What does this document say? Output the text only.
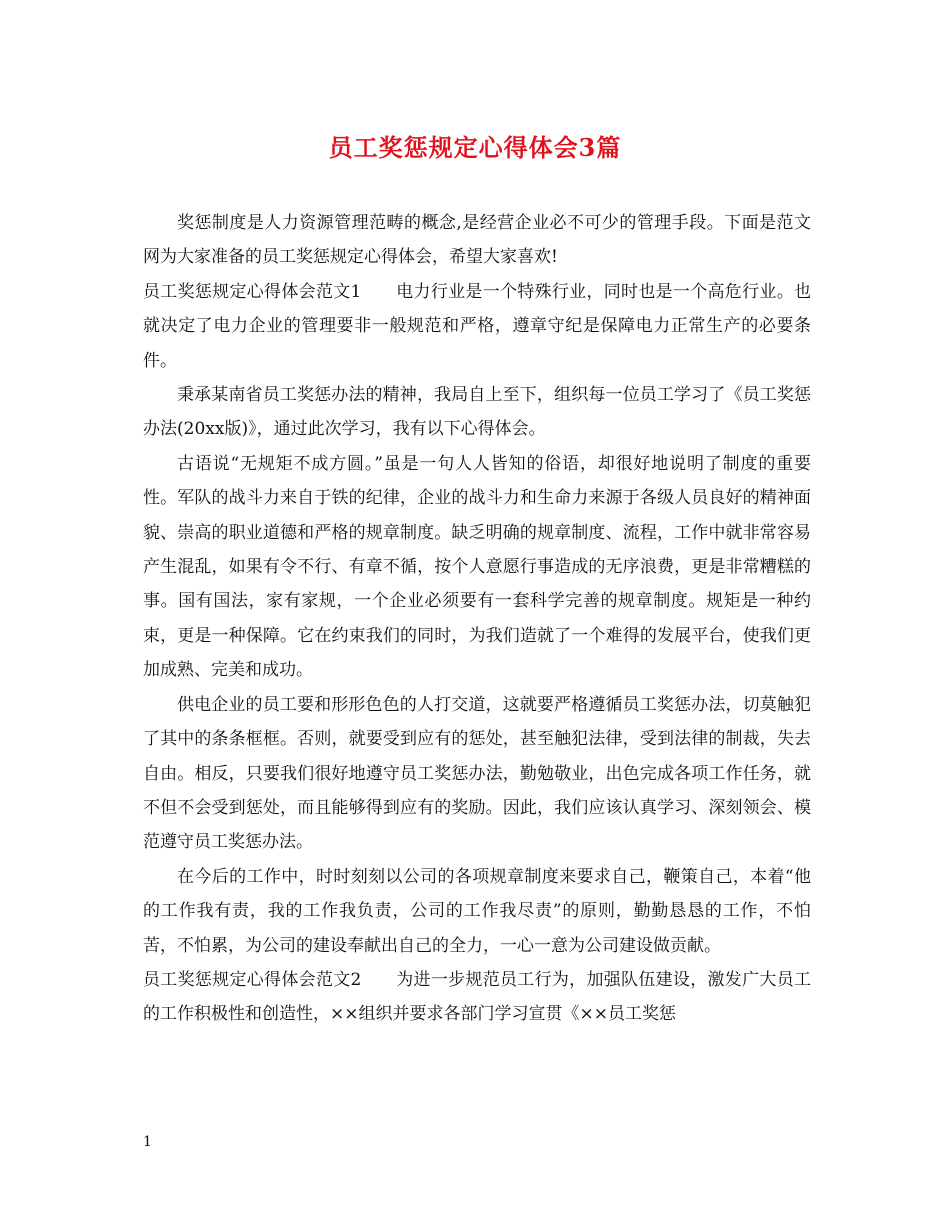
员工奖惩规定心得体会3篇

奖惩制度是人力资源管理范畴的概念,是经营企业必不可少的管理手段。下面是范文网为大家准备的员工奖惩规定心得体会，希望大家喜欢!

员工奖惩规定心得体会范文1　　电力行业是一个特殊行业，同时也是一个高危行业。也就决定了电力企业的管理要非一般规范和严格，遵章守纪是保障电力正常生产的必要条件。

秉承某南省员工奖惩办法的精神，我局自上至下，组织每一位员工学习了《员工奖惩办法(20xx版)》，通过此次学习，我有以下心得体会。

古语说“无规矩不成方圆。”虽是一句人人皆知的俗语，却很好地说明了制度的重要性。军队的战斗力来自于铁的纪律，企业的战斗力和生命力来源于各级人员良好的精神面貌、崇高的职业道德和严格的规章制度。缺乏明确的规章制度、流程，工作中就非常容易产生混乱，如果有令不行、有章不循，按个人意愿行事造成的无序浪费，更是非常糟糕的事。国有国法，家有家规，一个企业必须要有一套科学完善的规章制度。规矩是一种约束，更是一种保障。它在约束我们的同时，为我们造就了一个难得的发展平台，使我们更加成熟、完美和成功。

供电企业的员工要和形形色色的人打交道，这就要严格遵循员工奖惩办法，切莫触犯了其中的条条框框。否则，就要受到应有的惩处，甚至触犯法律，受到法律的制裁，失去自由。相反，只要我们很好地遵守员工奖惩办法，勤勉敬业，出色完成各项工作任务，就不但不会受到惩处，而且能够得到应有的奖励。因此，我们应该认真学习、深刻领会、模范遵守员工奖惩办法。

在今后的工作中，时时刻刻以公司的各项规章制度来要求自己，鞭策自己，本着“他的工作我有责，我的工作我负责，公司的工作我尽责”的原则，勤勤恳恳的工作，不怕苦，不怕累，为公司的建设奉献出自己的全力，一心一意为公司建设做贡献。

员工奖惩规定心得体会范文2　　为进一步规范员工行为，加强队伍建设，激发广大员工的工作积极性和创造性，××组织并要求各部门学习宣贯《××员工奖惩

1
